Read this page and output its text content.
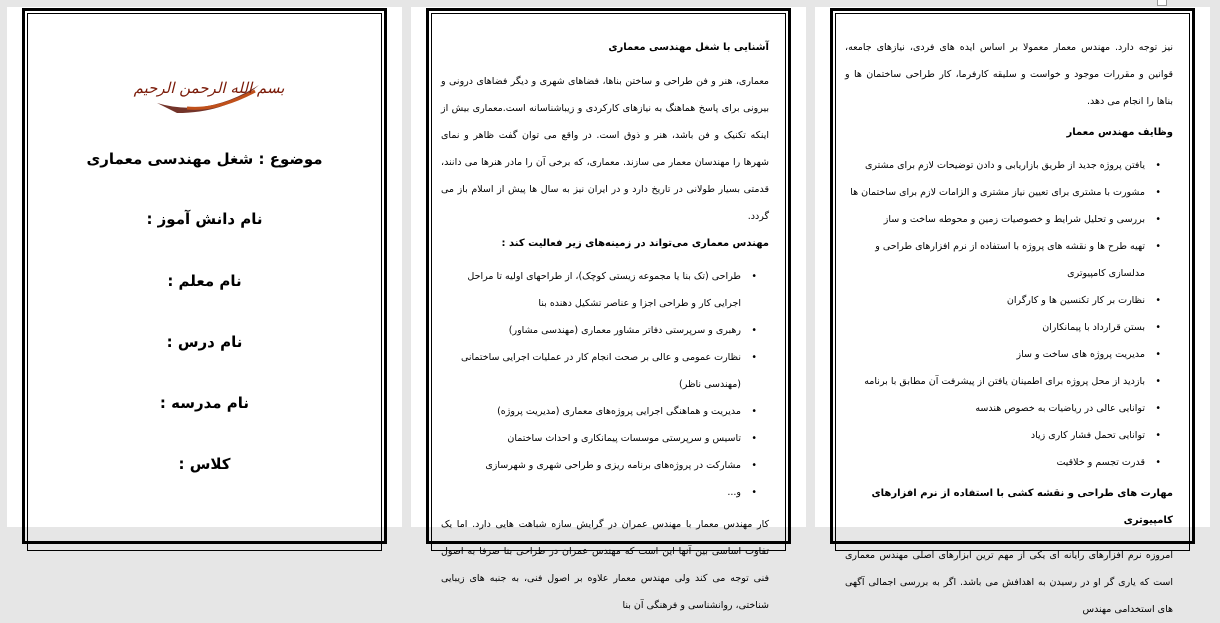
بسم الله الرحمن الرحیم
موضوع : شغل مهندسی معماری
نام دانش آموز :
نام معلم :
نام درس :
نام مدرسه :
کلاس :
آشنایی با شغل مهندسی معماری

معماری، هنر و فن طراحی و ساختن بناها، فضاهای شهری و دیگر فضاهای درونی و بیرونی برای پاسخ هماهنگ به نیازهای کارکردی و زیباشناسانه است.معماری بیش از اینکه تکنیک و فن باشد، هنر و ذوق است. در واقع می توان گفت ظاهر و نمای شهرها را مهندسان معمار می سازند. معماری، که برخی آن را مادر هنرها می دانند، قدمتی بسیار طولانی در تاریخ دارد و در ایران نیز به سال ها پیش از اسلام باز می گردد.

مهندس معماری می‌تواند در زمینه‌های زیر فعالیت کند :
• طراحی (تک بنا یا مجموعه زیستی کوچک)، از طراحهای اولیه تا مراحل اجرایی کار و طراحی اجزا و عناصر تشکیل دهنده بنا
• رهبری و سرپرستی دفاتر مشاور معماری (مهندسی مشاور)
• نظارت عمومی و عالی بر صحت انجام کار در عملیات اجرایی ساختمانی (مهندسی ناظر)
• مدیریت و هماهنگی اجرایی پروژه‌های معماری (مدیریت پروژه)
• تاسیس و سرپرستی موسسات پیمانکاری و احداث ساختمان
• مشارکت در پروژه‌های برنامه ریزی و طراحی شهری و شهرسازی
• و...

کار مهندس معمار با مهندس عمران در گرایش سازه شباهت هایی دارد. اما یک تفاوت اساسی بین آنها این است که مهندس عمران در طراحی بنا صرفا به اصول فنی توجه می کند ولی مهندس معمار علاوه بر اصول فنی، به جنبه های زیبایی شناختی، روانشناسی و فرهنگی آن بنا

نیز توجه دارد. مهندس معمار معمولا بر اساس ایده های فردی، نیازهای جامعه، قوانین و مقررات موجود و خواست و سلیقه کارفرما، کار طراحی ساختمان ها و بناها را انجام می دهد.

وظایف مهندس معمار
• یافتن پروژه جدید از طریق بازاریابی و دادن توضیحات لازم برای مشتری
• مشورت با مشتری برای تعیین نیاز مشتری و الزامات لازم برای ساختمان ها
• بررسی و تحلیل شرایط و خصوصیات زمین و محوطه ساخت و ساز
• تهیه طرح ها و نقشه های پروژه با استفاده از نرم افزارهای طراحی و مدلسازی کامپیوتری
• نظارت بر کار تکنسین ها و کارگران
• بستن قرارداد با پیمانکاران
• مدیریت پروژه های ساخت و ساز
• بازدید از محل پروژه برای اطمینان یافتن از پیشرفت آن مطابق با برنامه
• توانایی عالی در ریاضیات به خصوص هندسه
• توانایی تحمل فشار کاری زیاد
• قدرت تجسم و خلاقیت
مهارت های طراحی و نقشه کشی با استفاده از نرم افزارهای کامپیوتری

امروزه نرم افزارهای رایانه ای یکی از مهم ترین ابزارهای اصلی مهندس معماری است که یاری گر او در رسیدن به اهدافش می باشد. اگر به بررسی اجمالی آگهی های استخدامی مهندس
